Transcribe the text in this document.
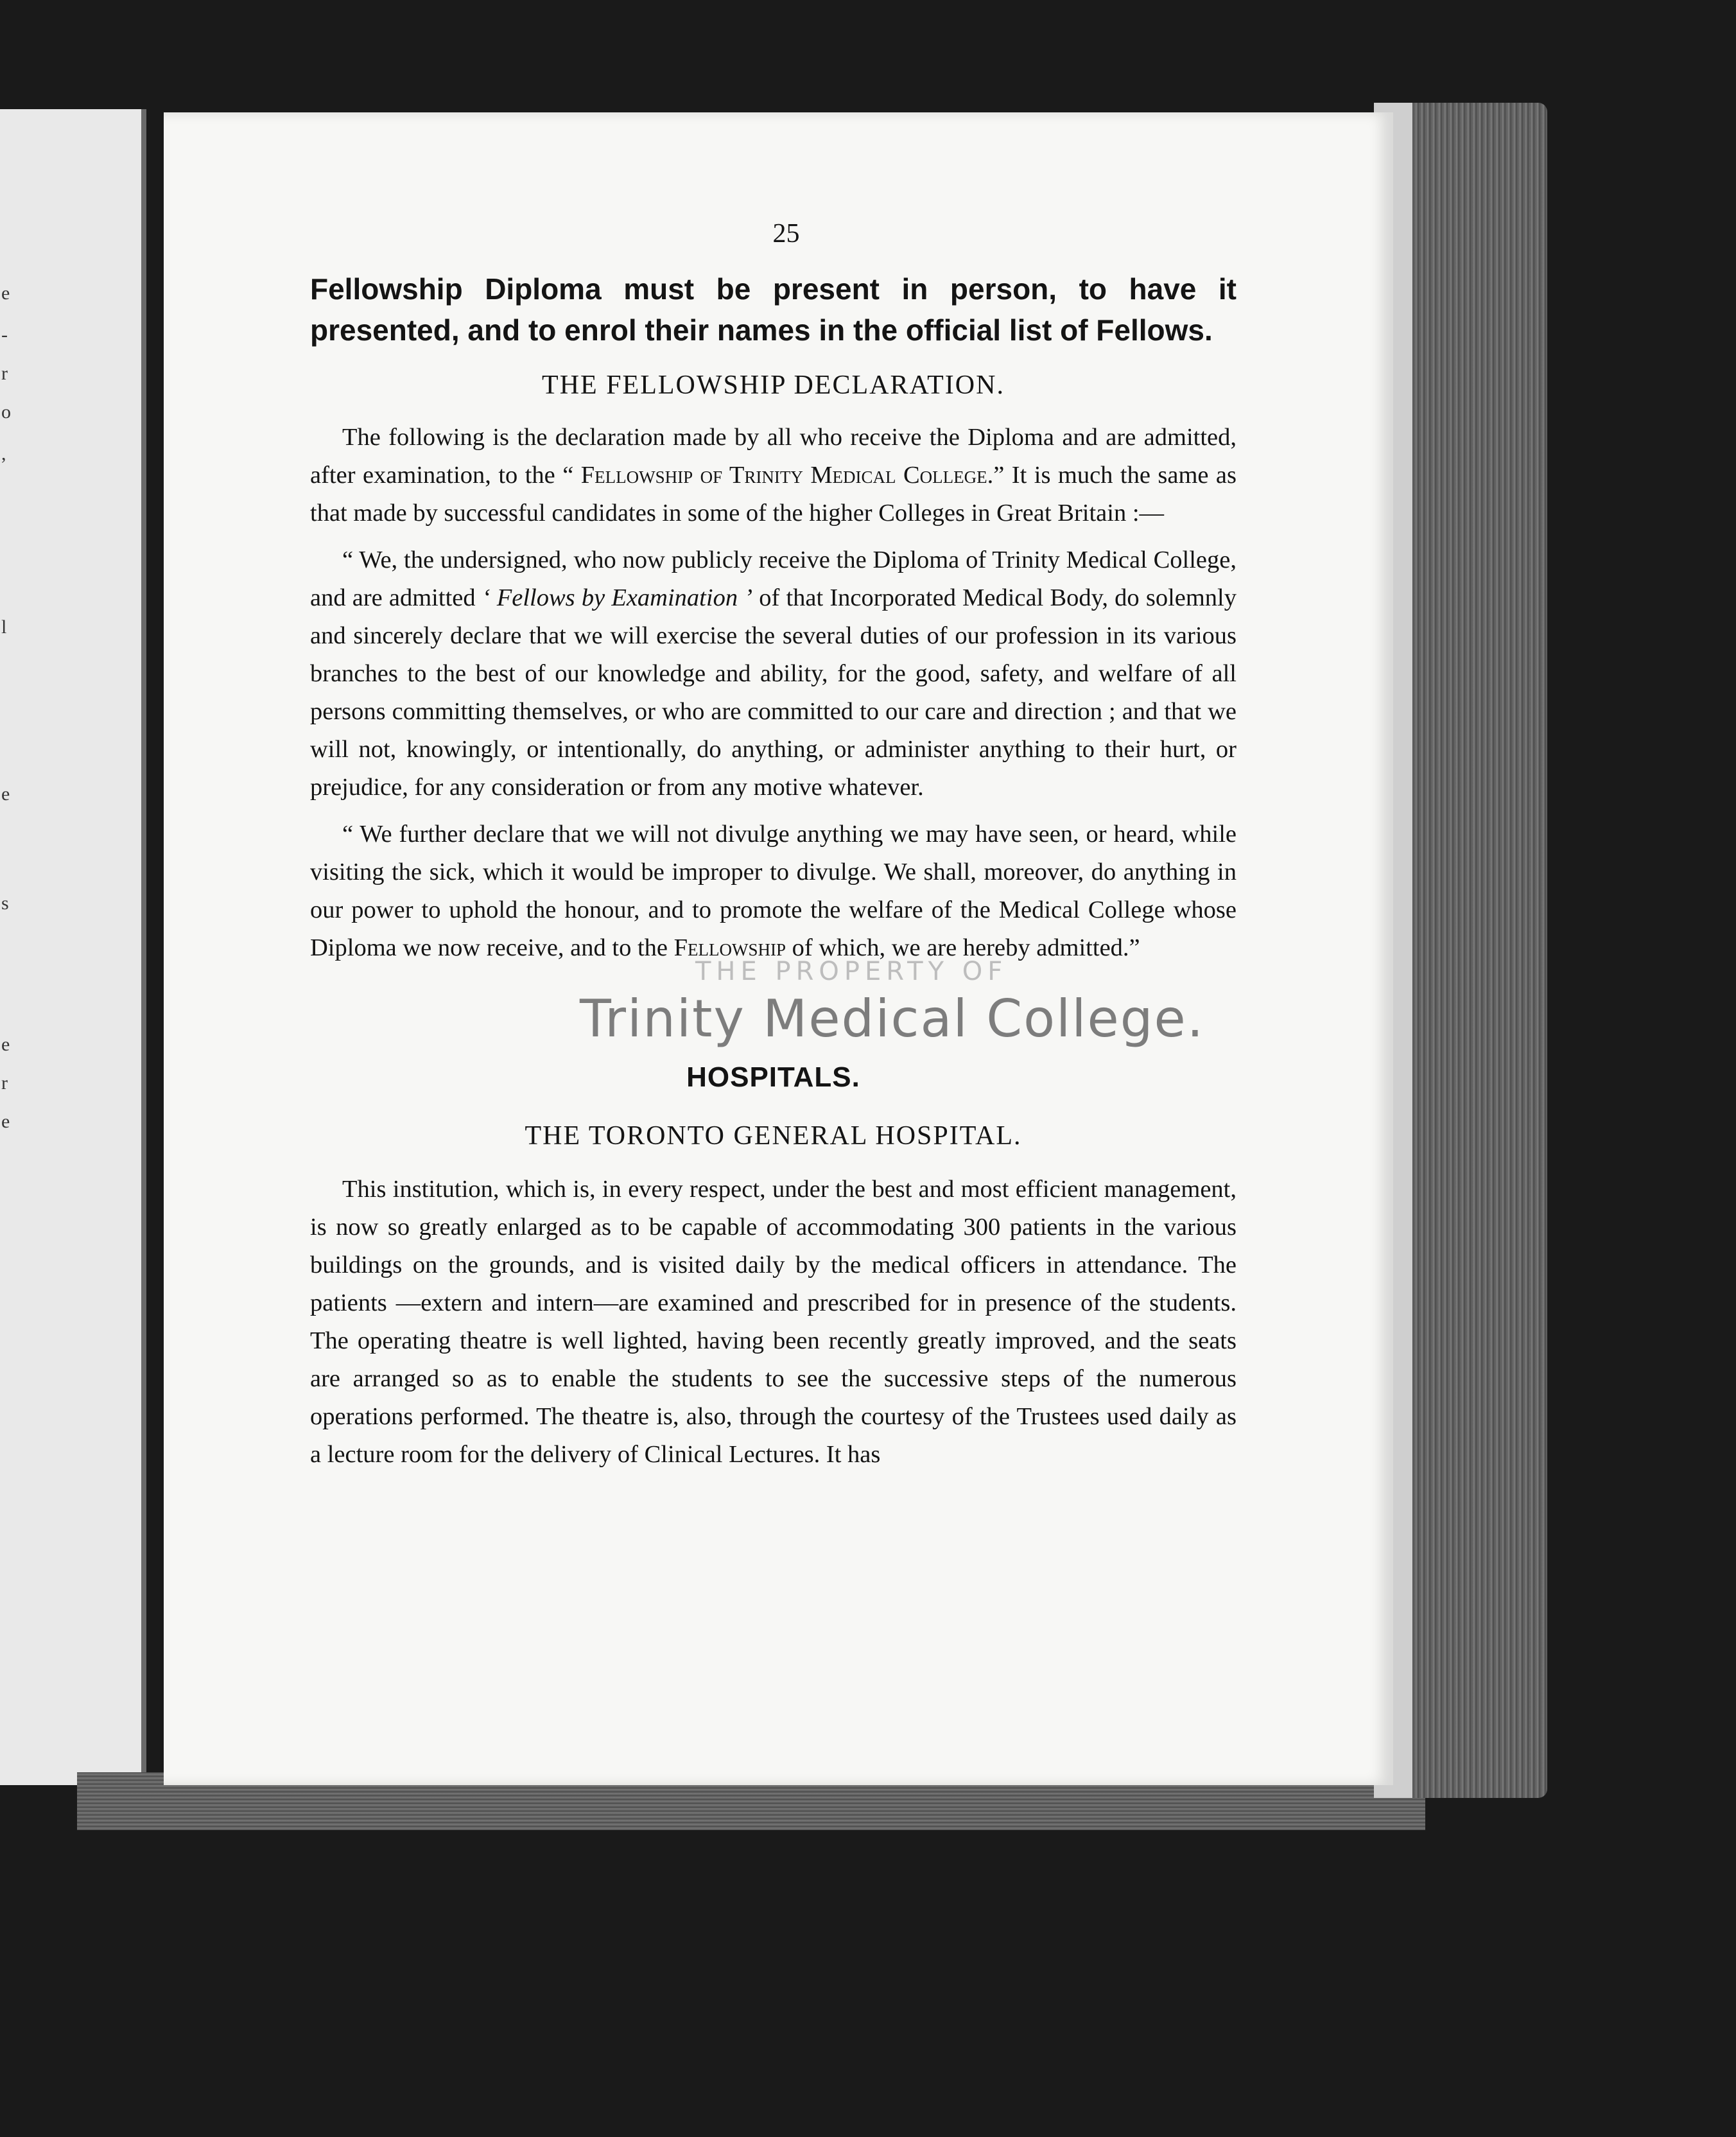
e
-
r
o
,
l
e
s
e
r
e

25

Fellowship Diploma must be present in person, to have it presented, and to enrol their names in the official list of Fellows.

THE FELLOWSHIP DECLARATION.

The following is the declaration made by all who receive the Diploma and are admitted, after examination, to the “ Fellowship of Trinity Medical College.” It is much the same as that made by successful candidates in some of the higher Colleges in Great Britain :—

“ We, the undersigned, who now publicly receive the Diploma of Trinity Medical College, and are admitted ‘ Fellows by Examination ’ of that Incorporated Medical Body, do solemnly and sincerely declare that we will exercise the several duties of our profession in its various branches to the best of our knowledge and ability, for the good, safety, and welfare of all persons committing themselves, or who are committed to our care and direction ; and that we will not, knowingly, or intentionally, do anything, or administer anything to their hurt, or prejudice, for any consideration or from any motive whatever.

“ We further declare that we will not divulge anything we may have seen, or heard, while visiting the sick, which it would be improper to divulge. We shall, moreover, do anything in our power to uphold the honour, and to promote the welfare of the Medical College whose Diploma we now receive, and to the Fellowship of which, we are hereby admitted.”

THE PROPERTY OF
Trinity Medical College.

HOSPITALS.

THE TORONTO GENERAL HOSPITAL.

This institution, which is, in every respect, under the best and most efficient management, is now so greatly enlarged as to be capable of accommodating 300 patients in the various buildings on the grounds, and is visited daily by the medical officers in attendance. The patients —extern and intern—are examined and prescribed for in presence of the students. The operating theatre is well lighted, having been recently greatly improved, and the seats are arranged so as to enable the students to see the successive steps of the numerous operations performed. The theatre is, also, through the courtesy of the Trustees used daily as a lecture room for the delivery of Clinical Lectures. It has
